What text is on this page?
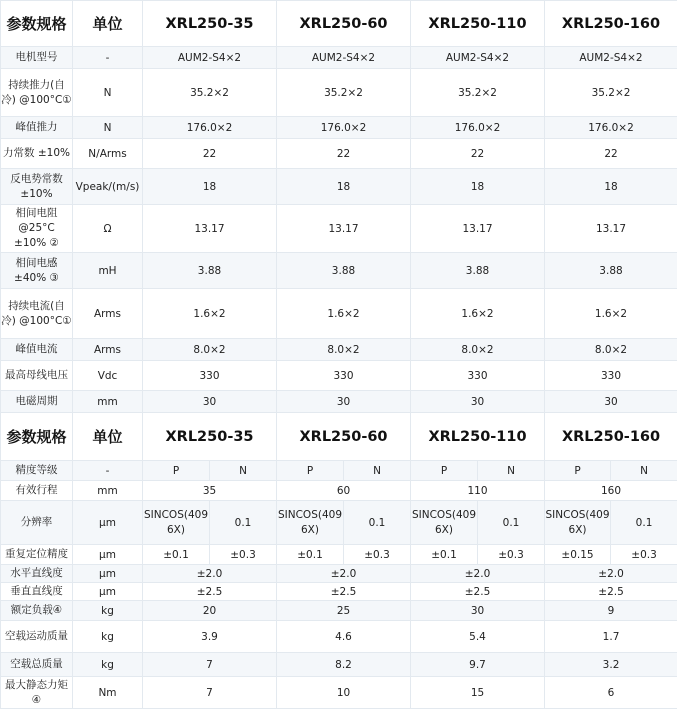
参数规格	单位	XRL250-35	XRL250-60	XRL250-110	XRL250-160
电机型号	-	AUM2-S4×2	AUM2-S4×2	AUM2-S4×2	AUM2-S4×2
持续推力(自冷) @100°C①	N	35.2×2	35.2×2	35.2×2	35.2×2
峰值推力	N	176.0×2	176.0×2	176.0×2	176.0×2
力常数 ±10%	N/Arms	22	22	22	22
反电势常数 ±10%	Vpeak/(m/s)	18	18	18	18
相间电阻 @25°C ±10% ②	Ω	13.17	13.17	13.17	13.17
相间电感 ±40% ③	mH	3.88	3.88	3.88	3.88
持续电流(自冷) @100°C①	Arms	1.6×2	1.6×2	1.6×2	1.6×2
峰值电流	Arms	8.0×2	8.0×2	8.0×2	8.0×2
最高母线电压	Vdc	330	330	330	330
电磁周期	mm	30	30	30	30
参数规格	单位	XRL250-35		XRL250-60		XRL250-110		XRL250-160	
精度等级	-	P	N	P	N	P	N	P	N
有效行程	mm	35		60		110		160	
分辨率	μm	SINCOS(4096X)	0.1	SINCOS(4096X)	0.1	SINCOS(4096X)	0.1	SINCOS(4096X)	0.1
重复定位精度	μm	±0.1	±0.3	±0.1	±0.3	±0.1	±0.3	±0.15	±0.3
水平直线度	μm	±2.0		±2.0		±2.0		±2.0	
垂直直线度	μm	±2.5		±2.5		±2.5		±2.5	
额定负载④	kg	20		25		30		9	
空载运动质量	kg	3.9		4.6		5.4		1.7	
空载总质量	kg	7		8.2		9.7		3.2	
最大静态力矩 ④	Nm	7		10		15		6	
